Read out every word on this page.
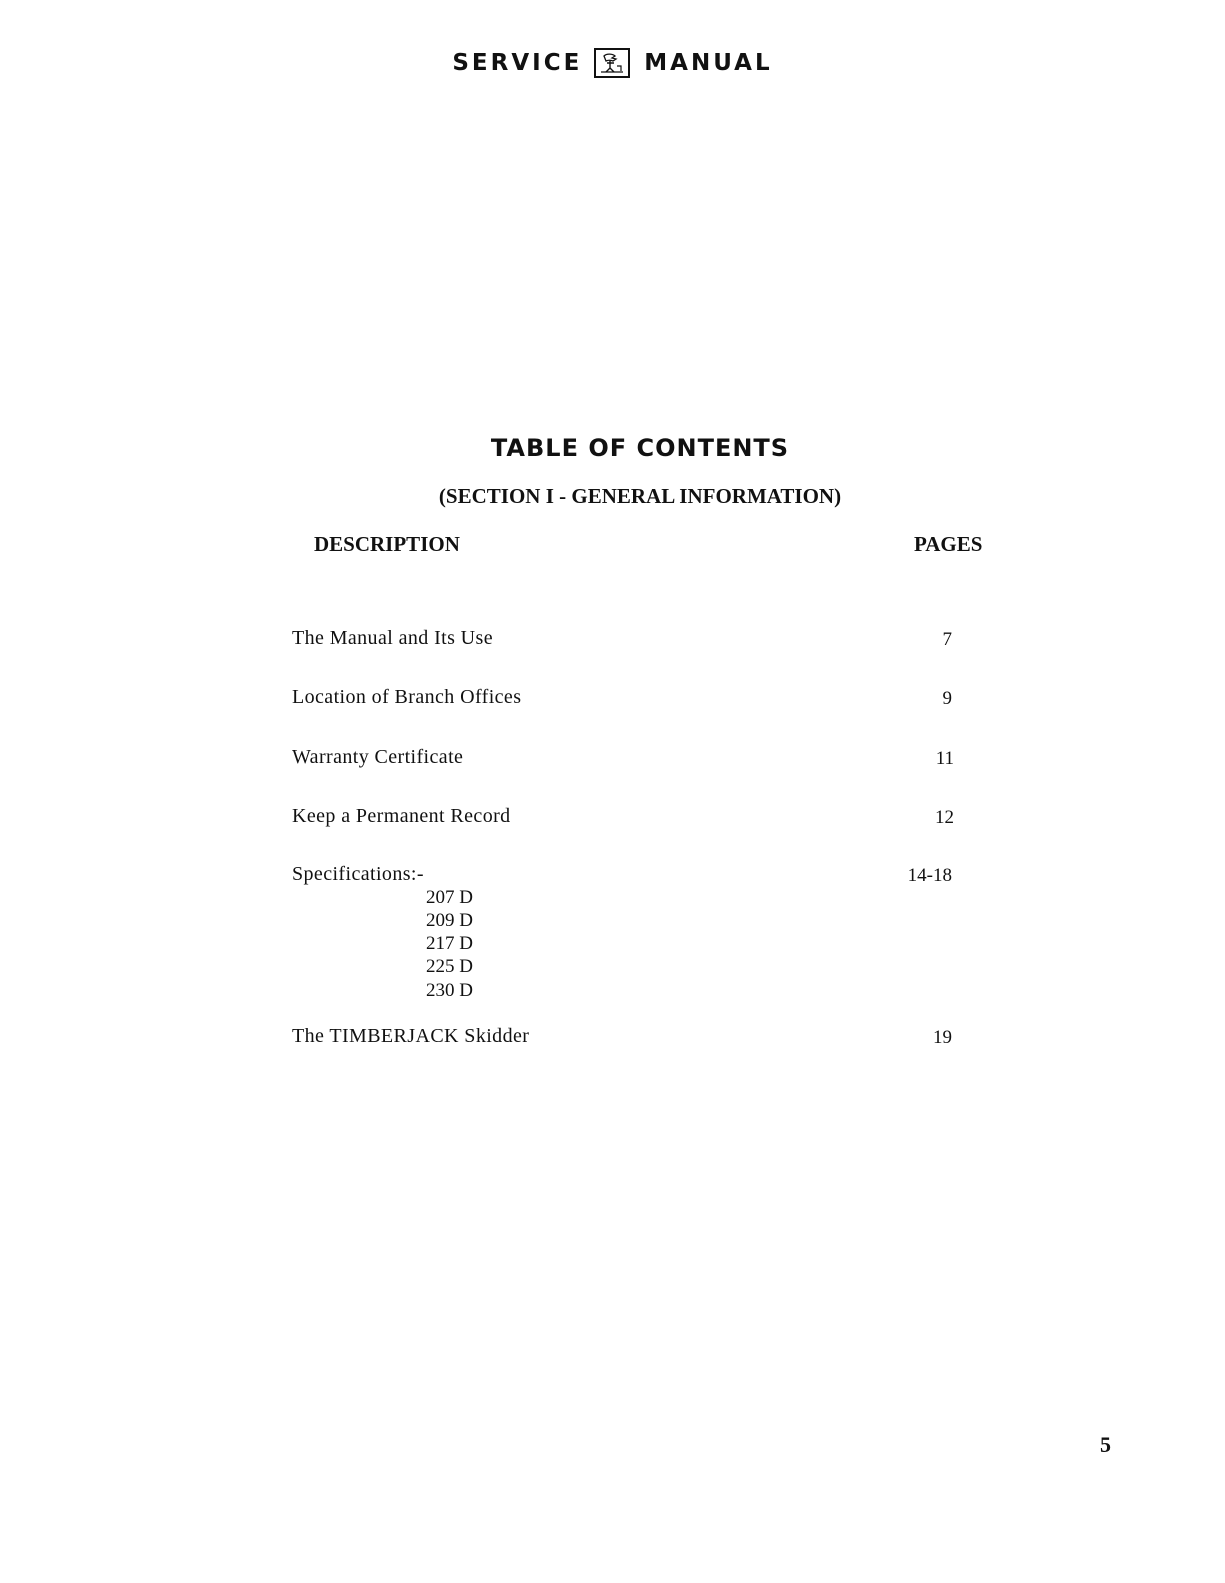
SERVICE	MANUAL
TABLE OF CONTENTS
(SECTION I - GENERAL INFORMATION)
DESCRIPTION	PAGES
The Manual and Its Use	7
Location of Branch Offices	9
Warranty Certificate	11
Keep a Permanent Record	12
Specifications:-	14-18
207 D
209 D
217 D
225 D
230 D
The TIMBERJACK Skidder	19
5
